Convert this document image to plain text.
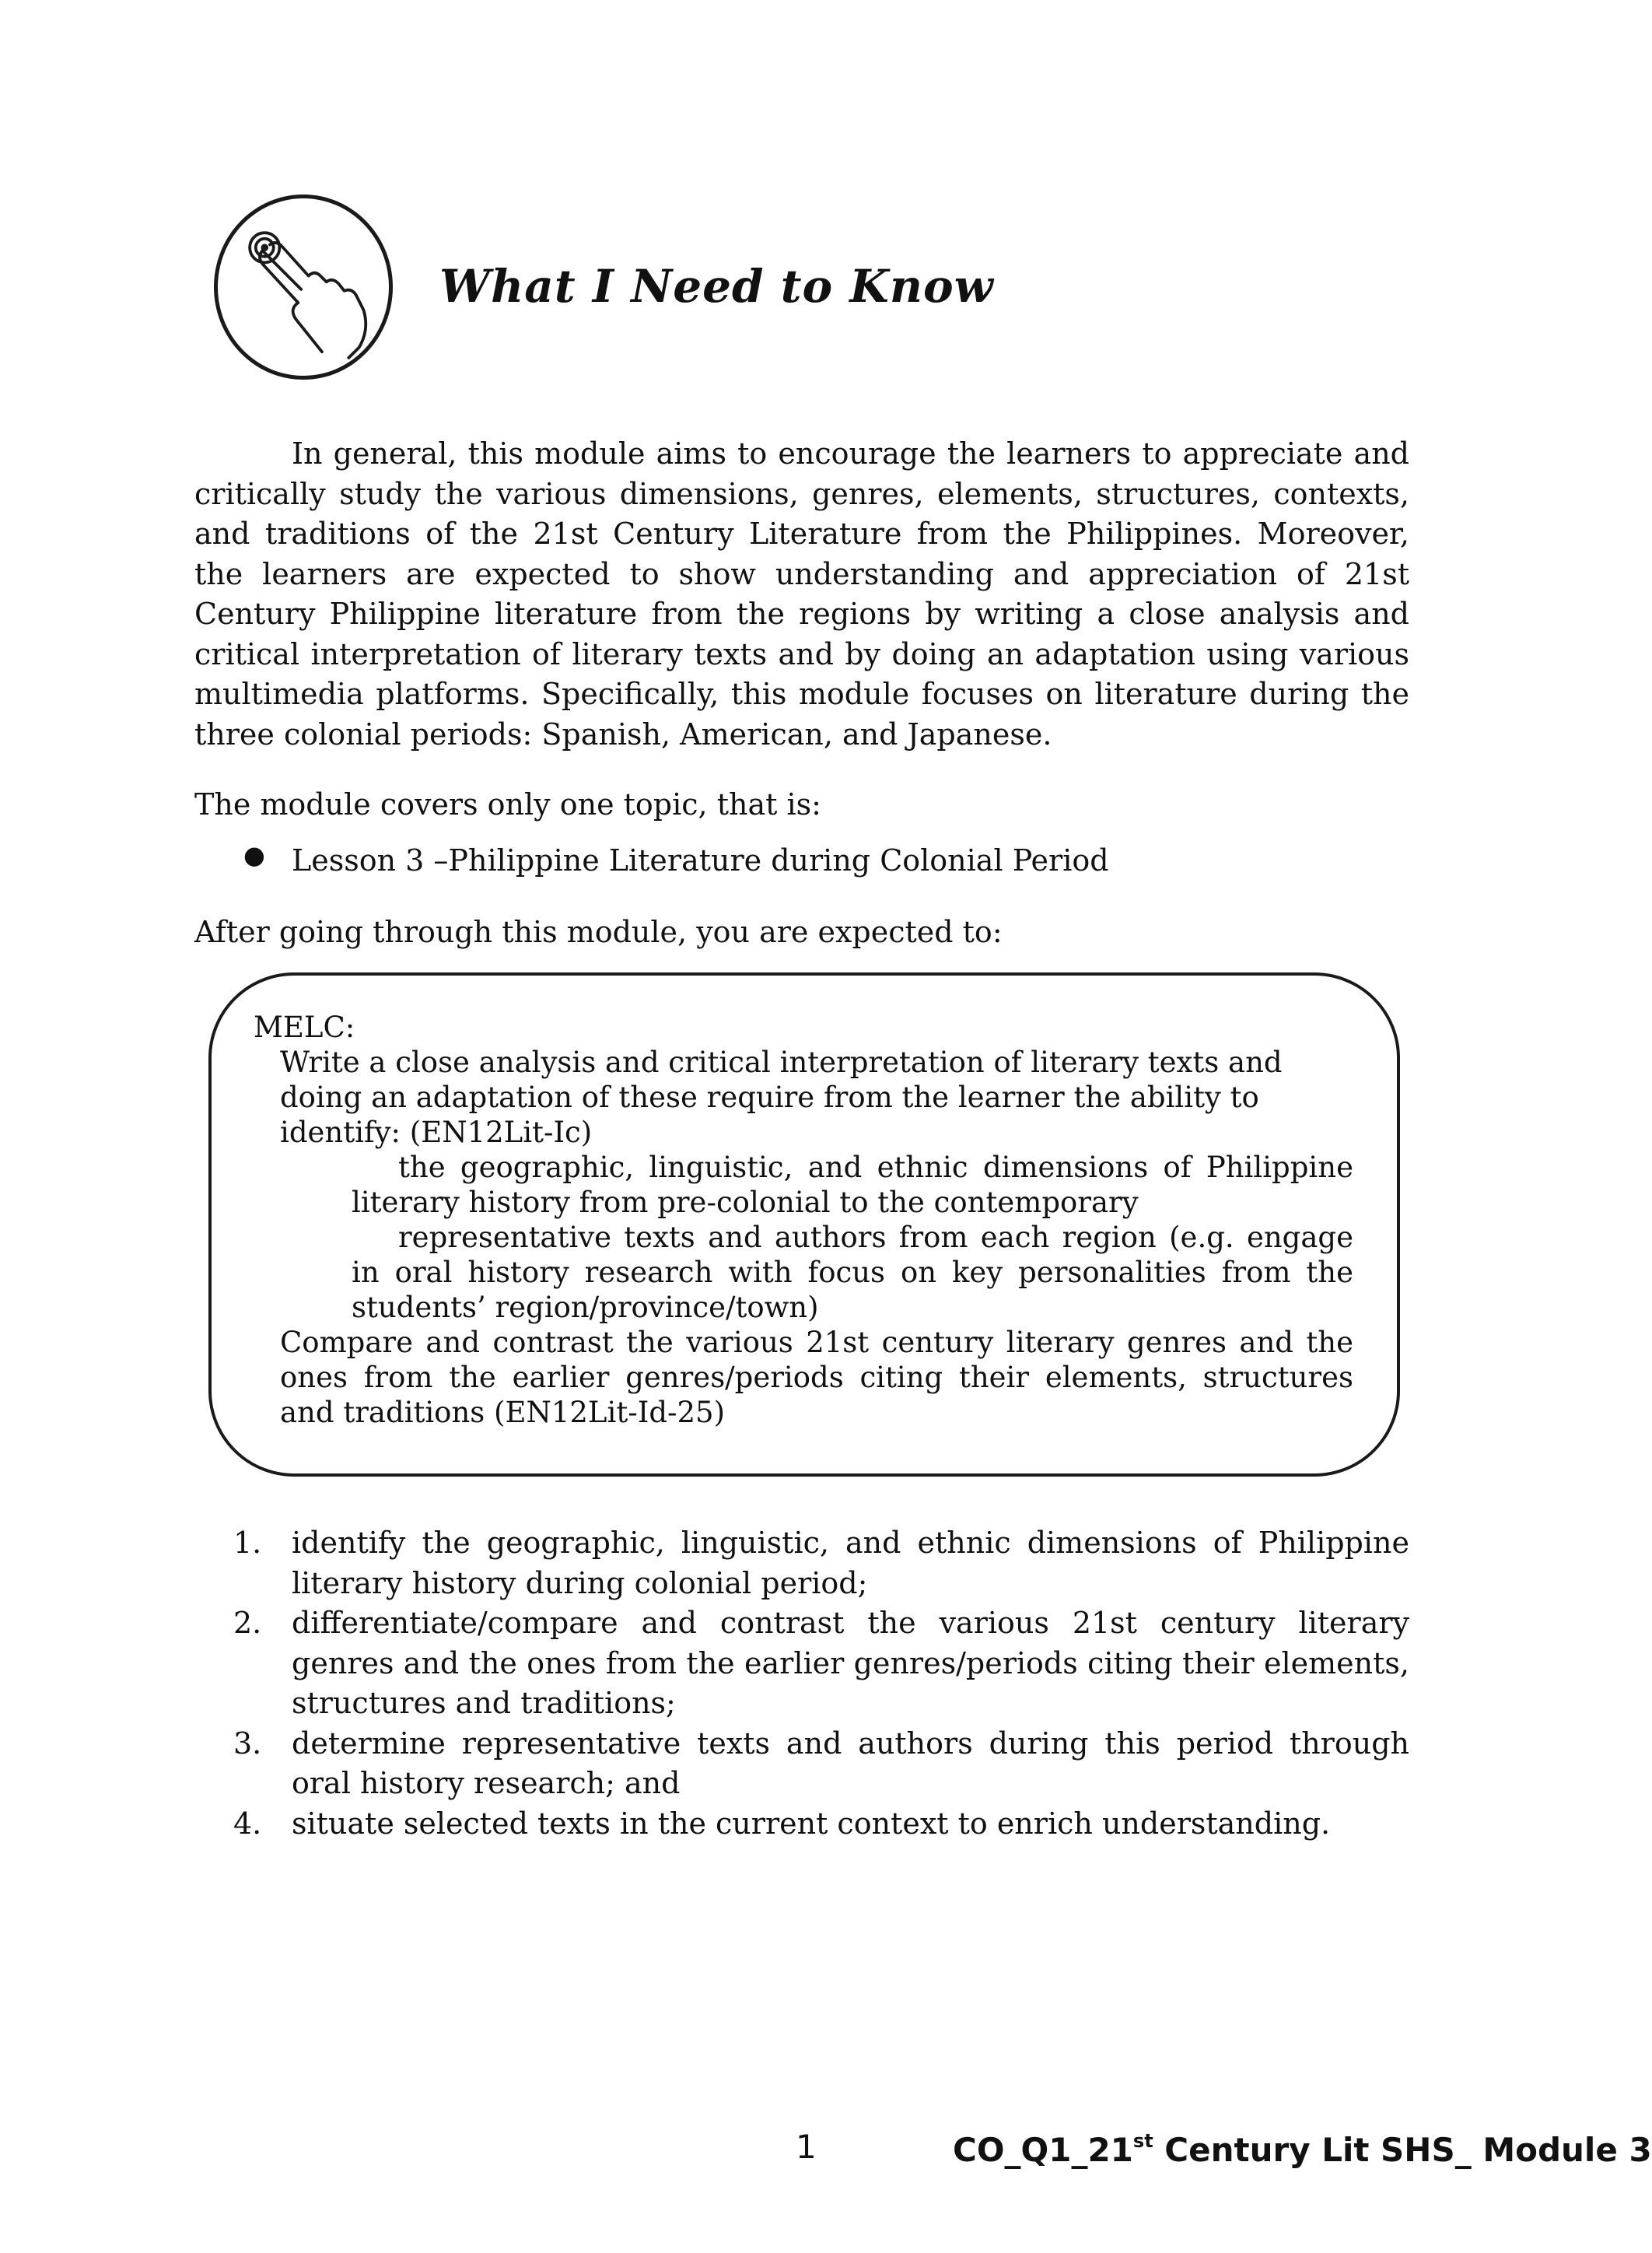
What I Need to Know
In general, this module aims to encourage the learners to appreciate and critically study the various dimensions, genres, elements, structures, contexts, and traditions of the 21st Century Literature from the Philippines. Moreover, the learners are expected to show understanding and appreciation of 21st Century Philippine literature from the regions by writing a close analysis and critical interpretation of literary texts and by doing an adaptation using various multimedia platforms. Specifically, this module focuses on literature during the three colonial periods: Spanish, American, and Japanese.
The module covers only one topic, that is:
● Lesson 3 –Philippine Literature during Colonial Period
After going through this module, you are expected to:
MELC:
Write a close analysis and critical interpretation of literary texts and doing an adaptation of these require from the learner the ability to identify: (EN12Lit-Ic)
the geographic, linguistic, and ethnic dimensions of Philippine literary history from pre-colonial to the contemporary
representative texts and authors from each region (e.g. engage in oral history research with focus on key personalities from the students’ region/province/town)
Compare and contrast the various 21st century literary genres and the ones from the earlier genres/periods citing their elements, structures and traditions (EN12Lit-Id-25)
1. identify the geographic, linguistic, and ethnic dimensions of Philippine literary history during colonial period;
2. differentiate/compare and contrast the various 21st century literary genres and the ones from the earlier genres/periods citing their elements, structures and traditions;
3. determine representative texts and authors during this period through oral history research; and
4. situate selected texts in the current context to enrich understanding.
1	CO_Q1_21st Century Lit SHS_ Module 3
